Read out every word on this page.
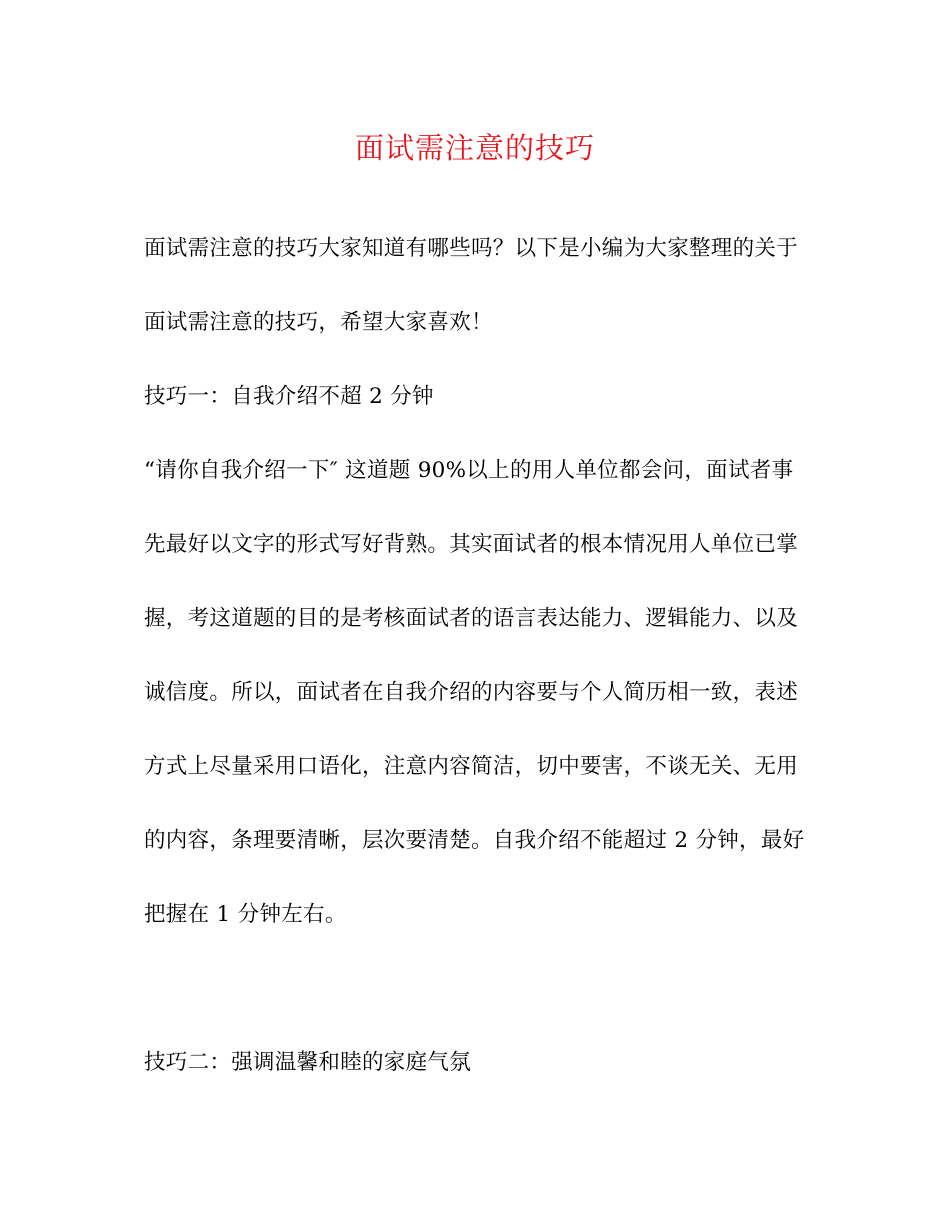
面试需注意的技巧
面试需注意的技巧大家知道有哪些吗？以下是小编为大家整理的关于
面试需注意的技巧，希望大家喜欢！
技巧一：自我介绍不超 2 分钟
“请你自我介绍一下″ 这道题 90%以上的用人单位都会问，面试者事
先最好以文字的形式写好背熟。其实面试者的根本情况用人单位已掌
握，考这道题的目的是考核面试者的语言表达能力、逻辑能力、以及
诚信度。所以，面试者在自我介绍的内容要与个人简历相一致，表述
方式上尽量采用口语化，注意内容简洁，切中要害，不谈无关、无用
的内容，条理要清晰，层次要清楚。自我介绍不能超过 2 分钟，最好
把握在 1 分钟左右。
技巧二：强调温馨和睦的家庭气氛
